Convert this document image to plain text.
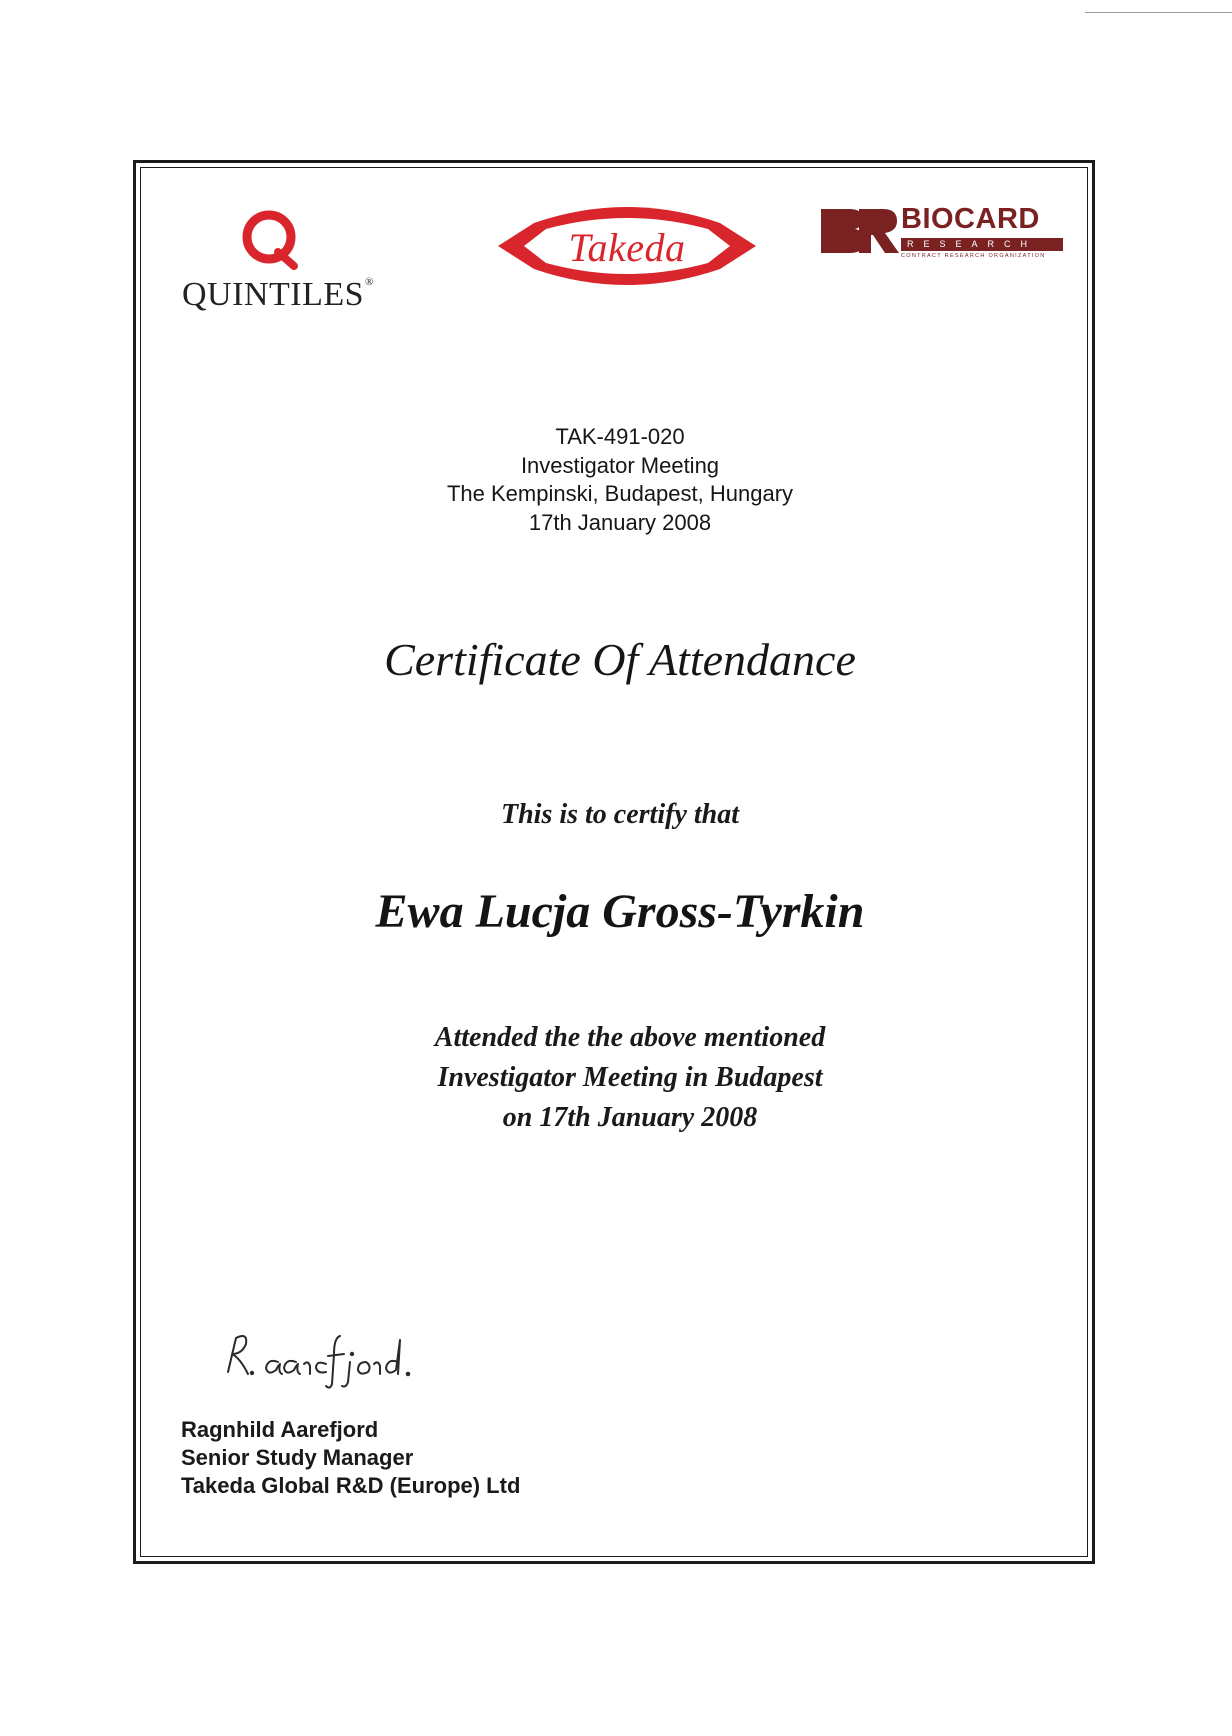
QUINTILES®
Takeda
BIOCARD
RESEARCH
CONTRACT RESEARCH ORGANIZATION
TAK-491-020
Investigator Meeting
The Kempinski, Budapest, Hungary
17th January 2008
Certificate Of Attendance
This is to certify that
Ewa Lucja Gross-Tyrkin
Attended the the above mentioned
Investigator Meeting in Budapest
on 17th January 2008
Ragnhild Aarefjord
Senior Study Manager
Takeda Global R&D (Europe) Ltd
